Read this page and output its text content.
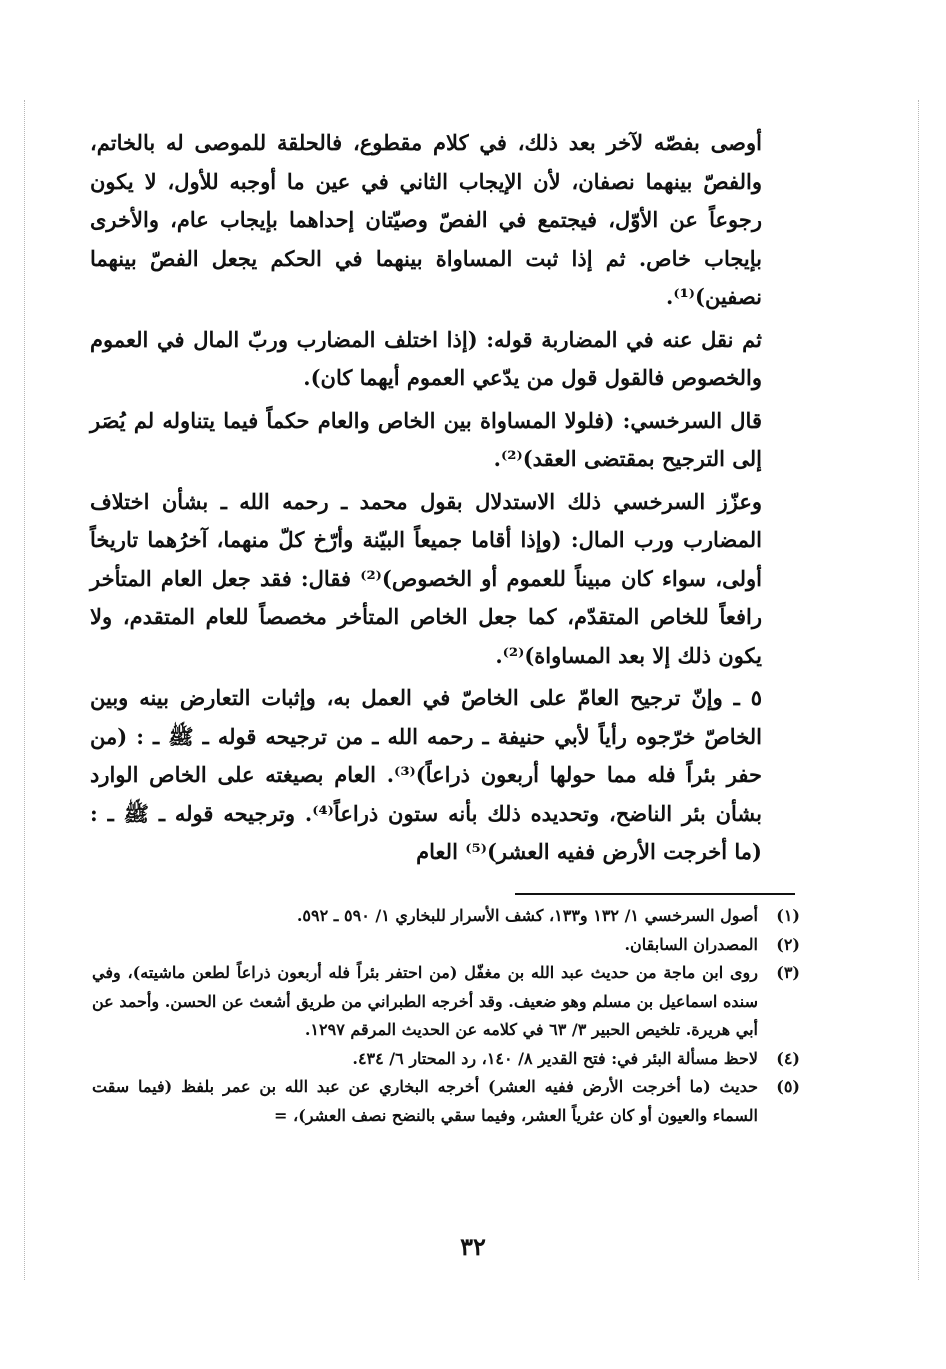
أوصى بفصّه لآخر بعد ذلك، في كلام مقطوع، فالحلقة للموصى له بالخاتم، والفصّ بينهما نصفان، لأن الإيجاب الثاني في عين ما أوجبه للأول، لا يكون رجوعاً عن الأوّل، فيجتمع في الفصّ وصيّتان إحداهما بإيجاب عام، والأخرى بإيجاب خاص. ثم إذا ثبت المساواة بينهما في الحكم يجعل الفصّ بينهما نصفين)⁽¹⁾.

ثم نقل عنه في المضاربة قوله: (إذا اختلف المضارب وربّ المال في العموم والخصوص فالقول قول من يدّعي العموم أيهما كان).

قال السرخسي: (فلولا المساواة بين الخاص والعام حكماً فيما يتناوله لم يُصَر إلى الترجيح بمقتضى العقد)⁽²⁾.

وعزّز السرخسي ذلك الاستدلال بقول محمد ـ رحمه الله ـ بشأن اختلاف المضارب ورب المال: (وإذا أقاما جميعاً البيّنة وأرّخ كلّ منهما، آخرُهما تاريخاً أولى، سواء كان مبيناً للعموم أو الخصوص)⁽²⁾ فقال: فقد جعل العام المتأخر رافعاً للخاص المتقدّم، كما جعل الخاص المتأخر مخصصاً للعام المتقدم، ولا يكون ذلك إلا بعد المساواة)⁽²⁾.

٥ ـ وإنّ ترجيح العامّ على الخاصّ في العمل به، وإثبات التعارض بينه وبين الخاصّ خرّجوه رأياً لأبي حنيفة ـ رحمه الله ـ من ترجيحه قوله ـ ﷺ ـ : (من حفر بئراً فله مما حولها أربعون ذراعاً)⁽³⁾. العام بصيغته على الخاص الوارد بشأن بئر الناضح، وتحديده ذلك بأنه ستون ذراعاً⁽⁴⁾. وترجيحه قوله ـ ﷺ ـ : (ما أخرجت الأرض ففيه العشر)⁽⁵⁾ العام

(١)
أصول السرخسي ١/ ١٣٢ و١٣٣، كشف الأسرار للبخاري ١/ ٥٩٠ ـ ٥٩٢.
(٢)
المصدران السابقان.
(٣)
روى ابن ماجة من حديث عبد الله بن مغفّل (من احتفر بئراً فله أربعون ذراعاً لطعن ماشيته)، وفي سنده اسماعيل بن مسلم وهو ضعيف. وقد أخرجه الطبراني من طريق أشعث عن الحسن. وأحمد عن أبي هريرة. تلخيص الحبير ٣/ ٦٣ في كلامه عن الحديث المرقم ١٢٩٧.
(٤)
لاحظ مسألة البئر في: فتح القدير ٨/ ١٤٠، رد المحتار ٦/ ٤٣٤.
(٥)
حديث (ما أخرجت الأرض ففيه العشر) أخرجه البخاري عن عبد الله بن عمر بلفظ (فيما سقت السماء والعيون أو كان عثرياً العشر، وفيما سقي بالنضح نصف العشر)، =
٣٢
